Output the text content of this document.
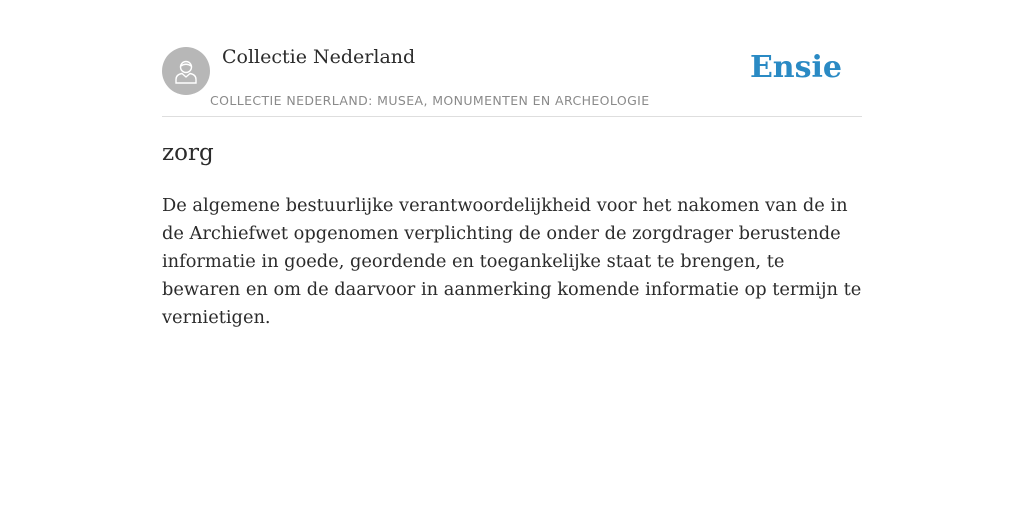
Collectie Nederland
COLLECTIE NEDERLAND: MUSEA, MONUMENTEN EN ARCHEOLOGIE
Ensie
zorg

De algemene bestuurlijke verantwoordelijkheid voor het nakomen van de in de Archiefwet opgenomen verplichting de onder de zorgdrager berustende informatie in goede, geordende en toegankelijke staat te brengen, te bewaren en om de daarvoor in aanmerking komende informatie op termijn te vernietigen.
